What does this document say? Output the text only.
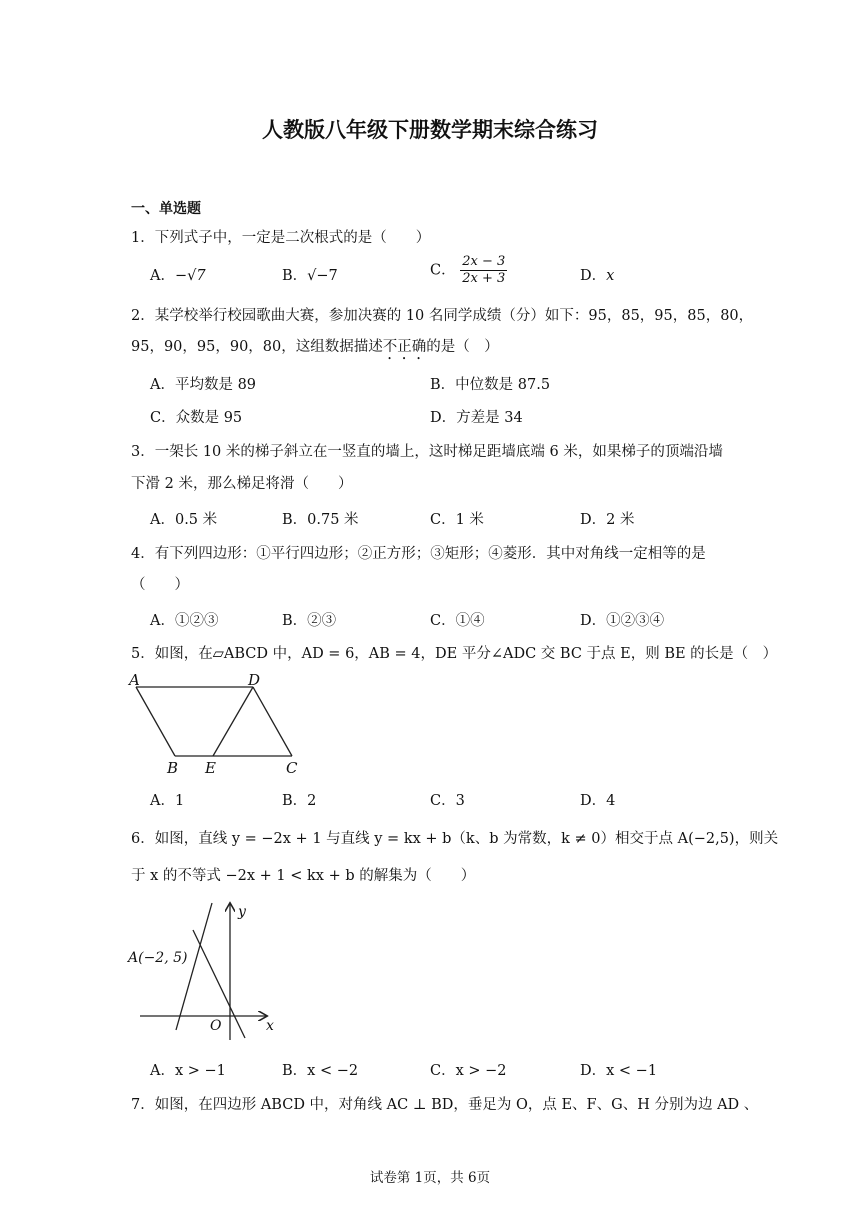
人教版八年级下册数学期末综合练习
一、单选题
1．下列式子中，一定是二次根式的是（　　）
A．−√7	B．√−7	C． $\frac{2x - 3}{2x + 3}$	D．x
2．某学校举行校园歌曲大赛，参加决赛的 10 名同学成绩（分）如下：95，85，95，85，80，
95，90，95，90，80，这组数据描述不正确的是（　）
A．平均数是 89	B．中位数是 87.5
C．众数是 95	D．方差是 34
3．一架长 10 米的梯子斜立在一竖直的墙上，这时梯足距墙底端 6 米，如果梯子的顶端沿墙
下滑 2 米，那么梯足将滑（　　）
A．0.5 米	B．0.75 米	C．1 米	D．2 米
4．有下列四边形：①平行四边形；②正方形；③矩形；④菱形．其中对角线一定相等的是
（　　）
A．①②③	B．②③	C．①④	D．①②③④
5．如图，在▱ABCD 中，AD = 6，AB = 4，DE 平分∠ADC 交 BC 于点 E，则 BE 的长是（　）
A	D
B E	C
A．1	B．2	C．3	D．4
6．如图，直线 y = −2x + 1 与直线 y = kx + b（k、b 为常数，k ≠ 0）相交于点 A(−2,5)，则关
于 x 的不等式 −2x + 1 < kx + b 的解集为（　　）
A(−2, 5)
y
x
O
A．x > −1	B．x < −2	C．x > −2	D．x < −1
7．如图，在四边形 ABCD 中，对角线 AC ⊥ BD，垂足为 O，点 E、F、G、H 分别为边 AD 、
试卷第 1页，共 6页
